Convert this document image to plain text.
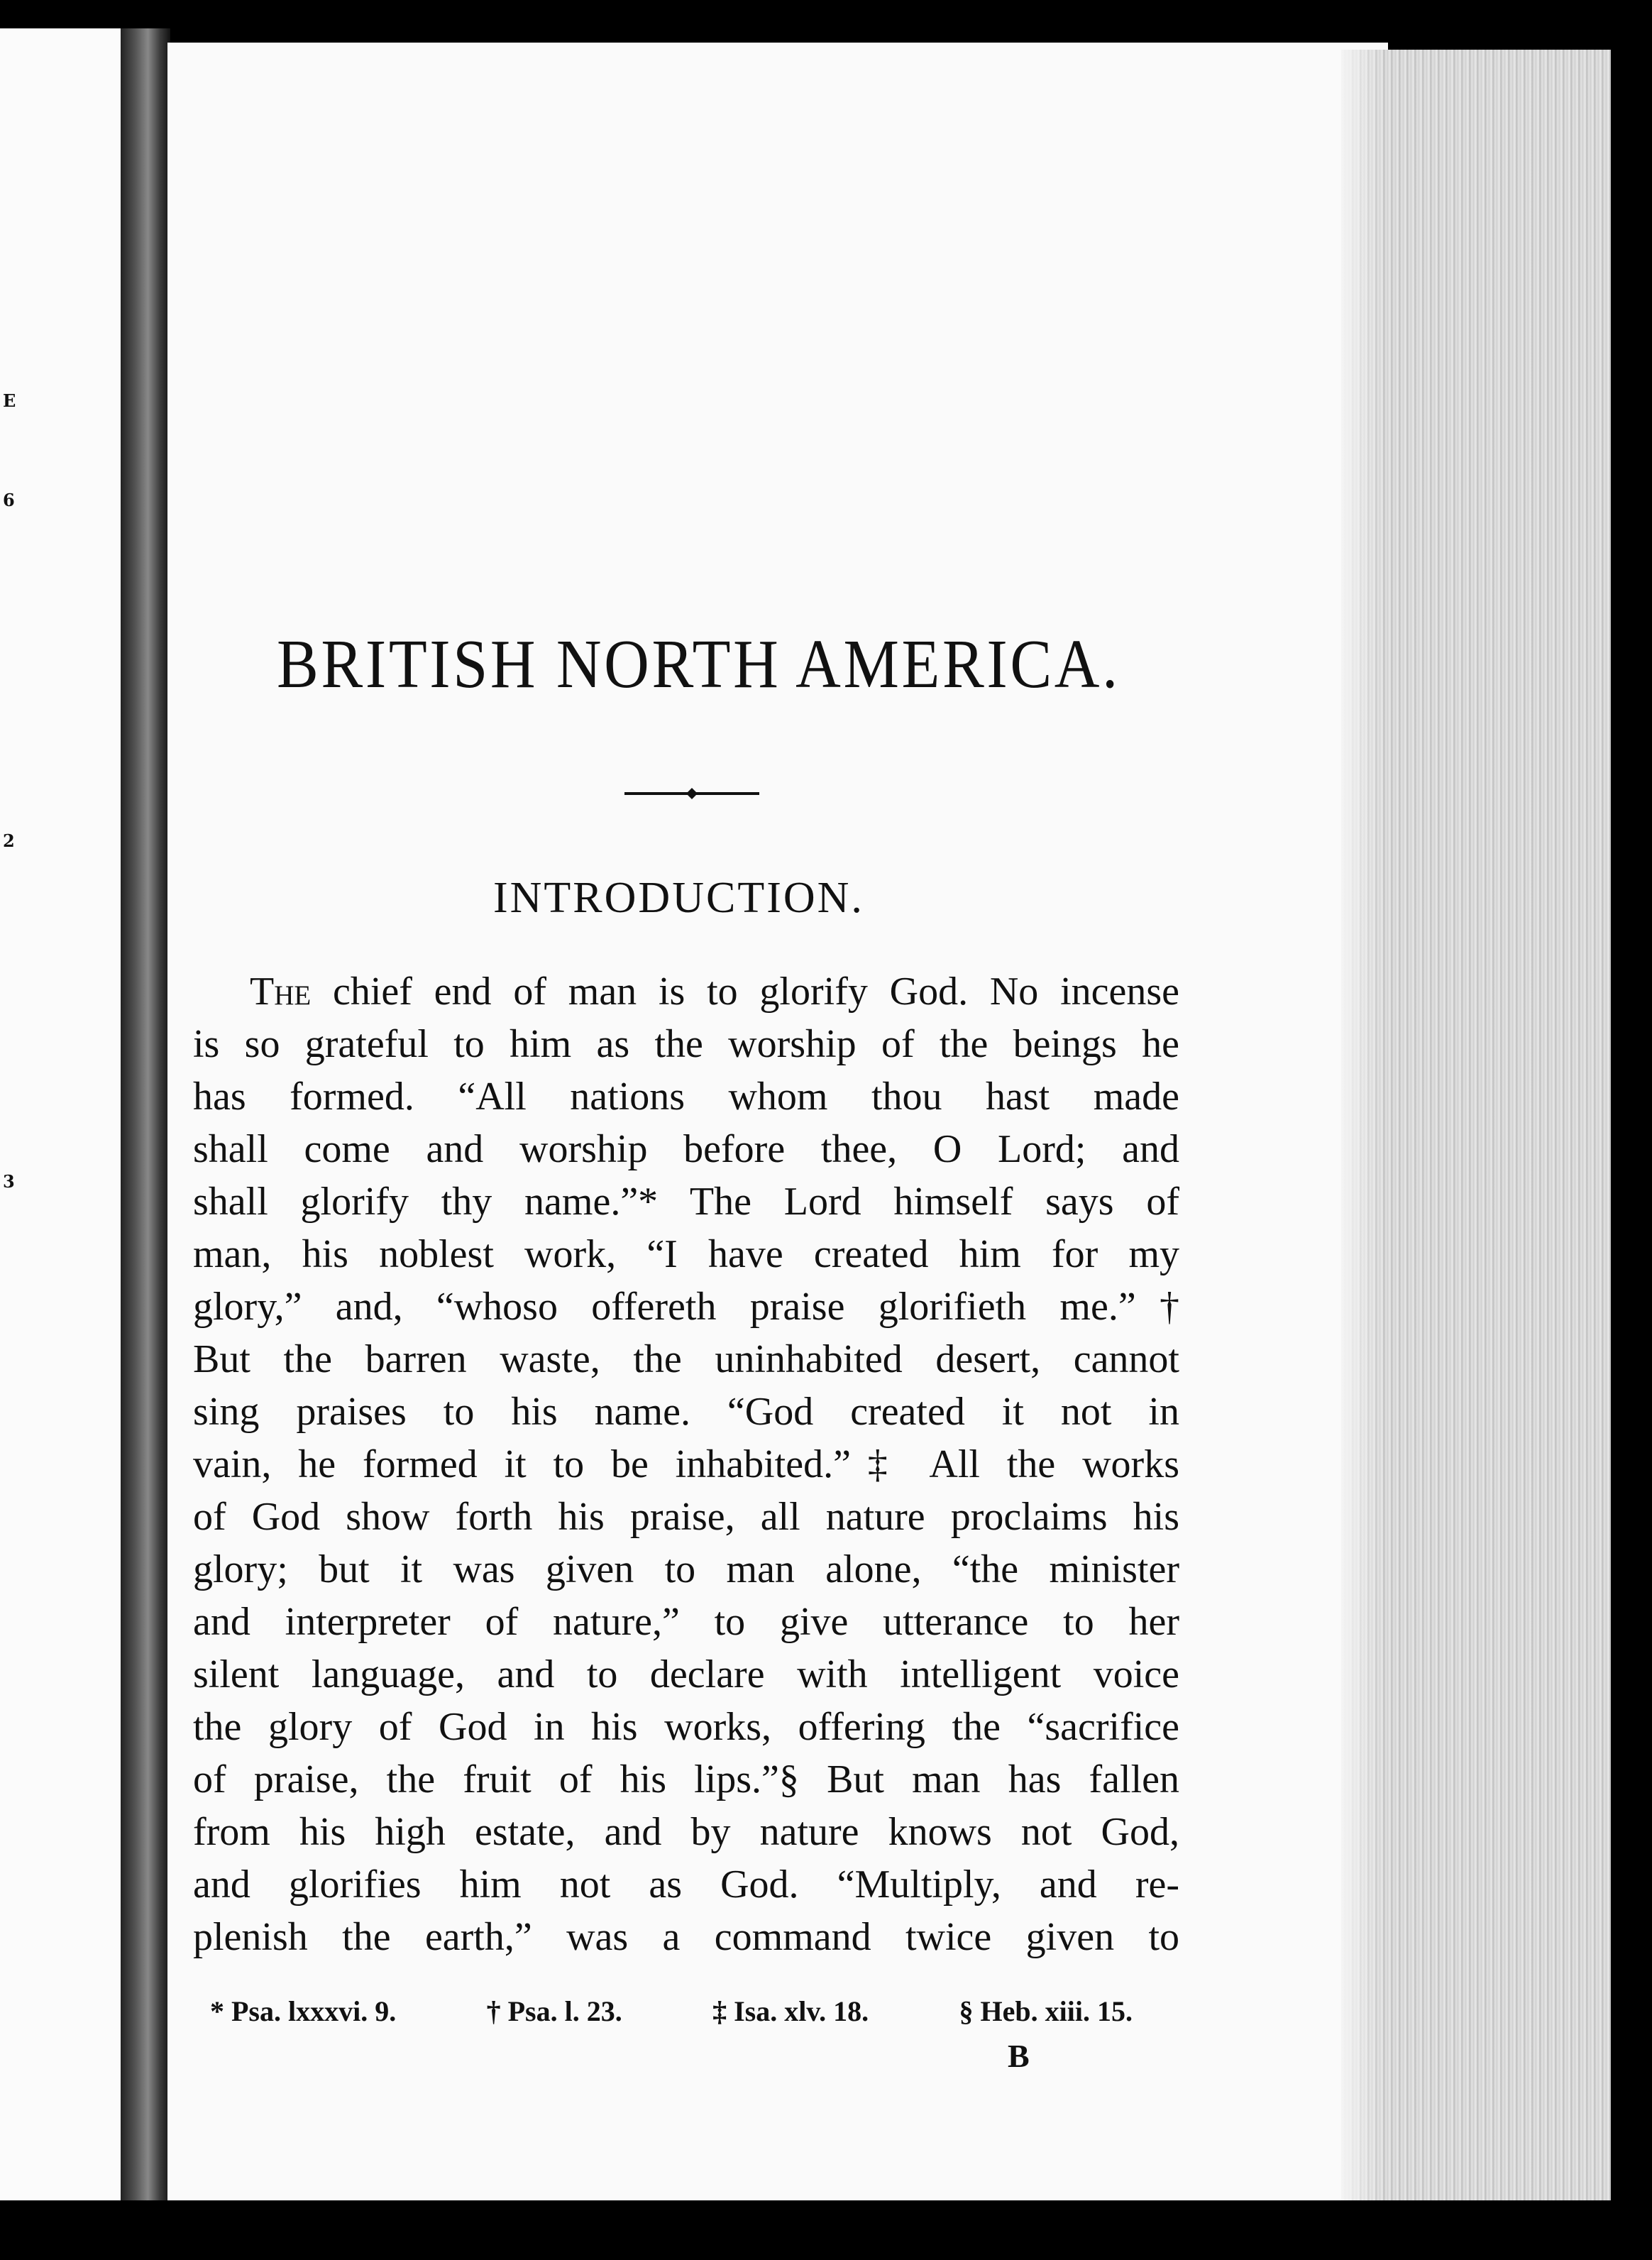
E
6
2
3
BRITISH NORTH AMERICA.
INTRODUCTION.
The chief end of man is to glorify God. No incense
is so grateful to him as the worship of the beings he
has formed. “All nations whom thou hast made
shall come and worship before thee, O Lord; and
shall glorify thy name.”* The Lord himself says of
man, his noblest work, “I have created him for my
glory,” and, “whoso offereth praise glorifieth me.”†
But the barren waste, the uninhabited desert, cannot
sing praises to his name. “God created it not in
vain, he formed it to be inhabited.”‡ All the works
of God show forth his praise, all nature proclaims his
glory; but it was given to man alone, “the minister
and interpreter of nature,” to give utterance to her
silent language, and to declare with intelligent voice
the glory of God in his works, offering the “sacrifice
of praise, the fruit of his lips.”§ But man has fallen
from his high estate, and by nature knows not God,
and glorifies him not as God. “Multiply, and re-
plenish the earth,” was a command twice given to
* Psa. lxxxvi. 9.	† Psa. l. 23.	‡ Isa. xlv. 18.	§ Heb. xiii. 15.
B
